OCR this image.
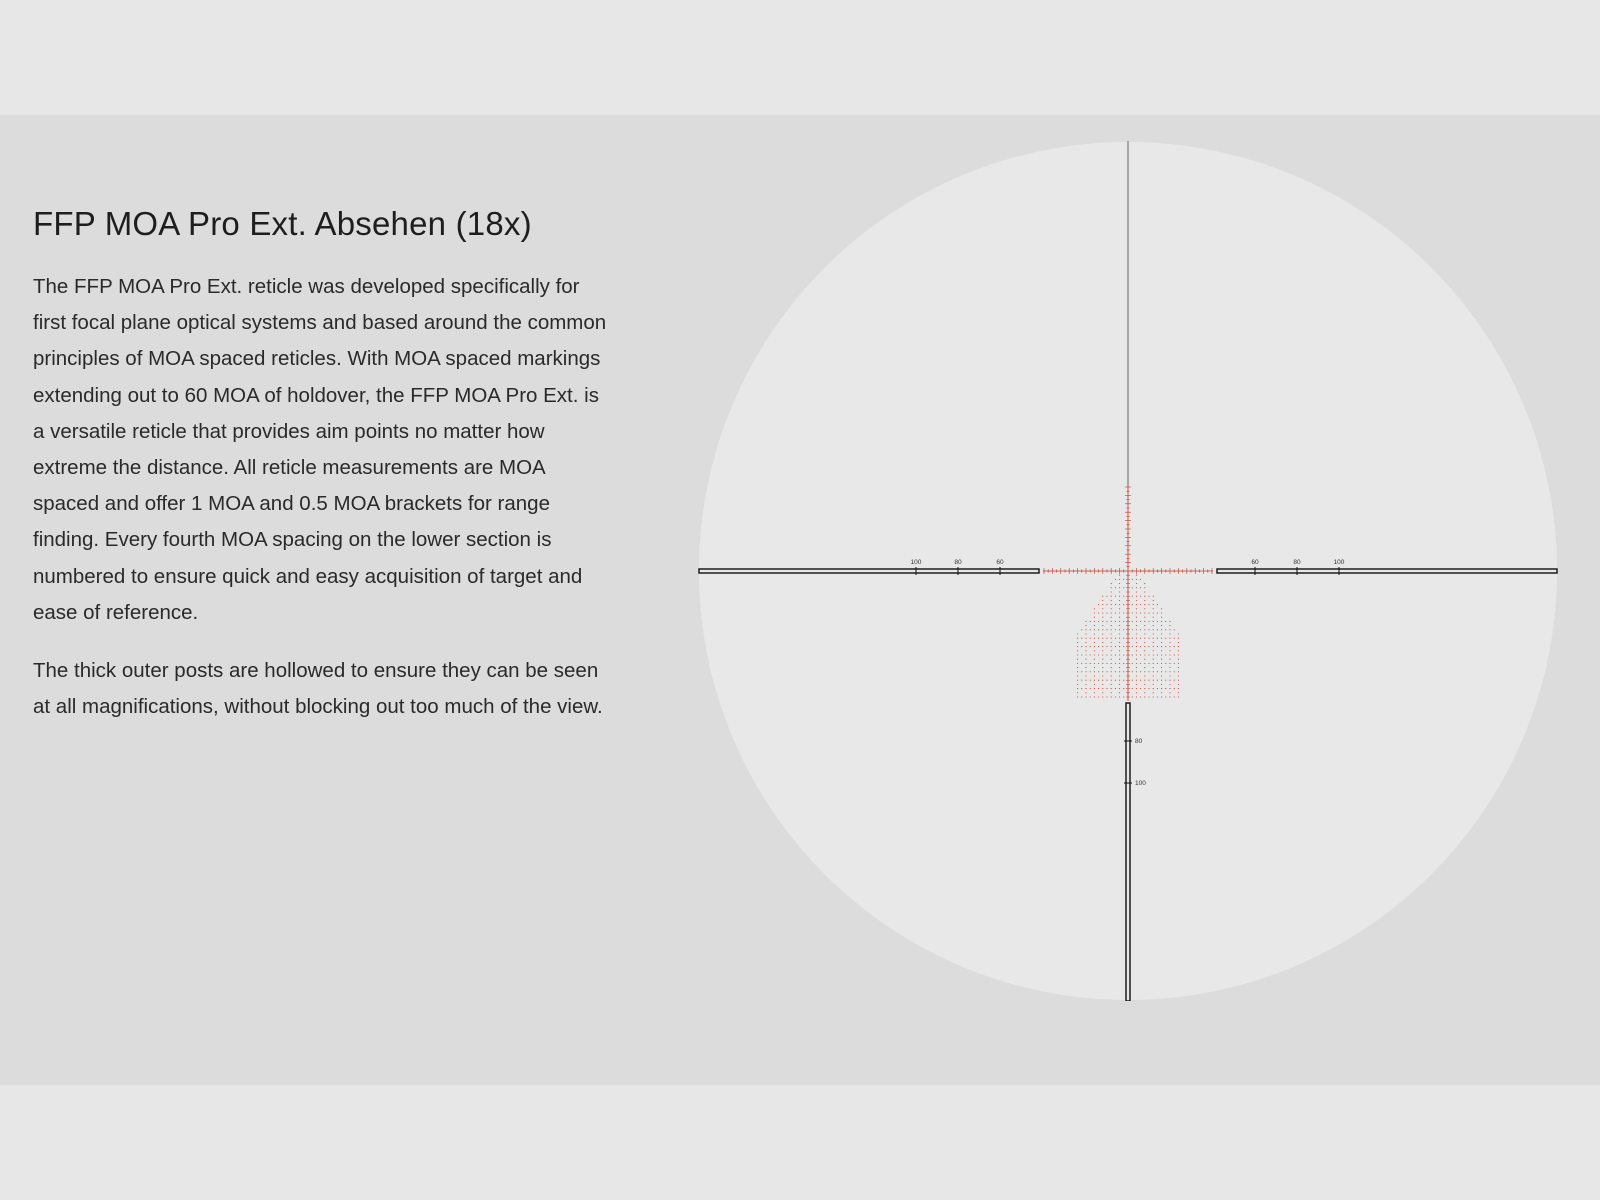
FFP MOA Pro Ext. Absehen (18x)

The FFP MOA Pro Ext. reticle was developed specifically for first focal plane optical systems and based around the common principles of MOA spaced reticles. With MOA spaced markings extending out to 60 MOA of holdover, the FFP MOA Pro Ext. is a versatile reticle that provides aim points no matter how extreme the distance. All reticle measurements are MOA spaced and offer 1 MOA and 0.5 MOA brackets for range finding. Every fourth MOA spacing on the lower section is numbered to ensure quick and easy acquisition of target and ease of reference.

The thick outer posts are hollowed to ensure they can be seen at all magnifications, without blocking out too much of the view.

100	80	60	60	80	100
80
100
